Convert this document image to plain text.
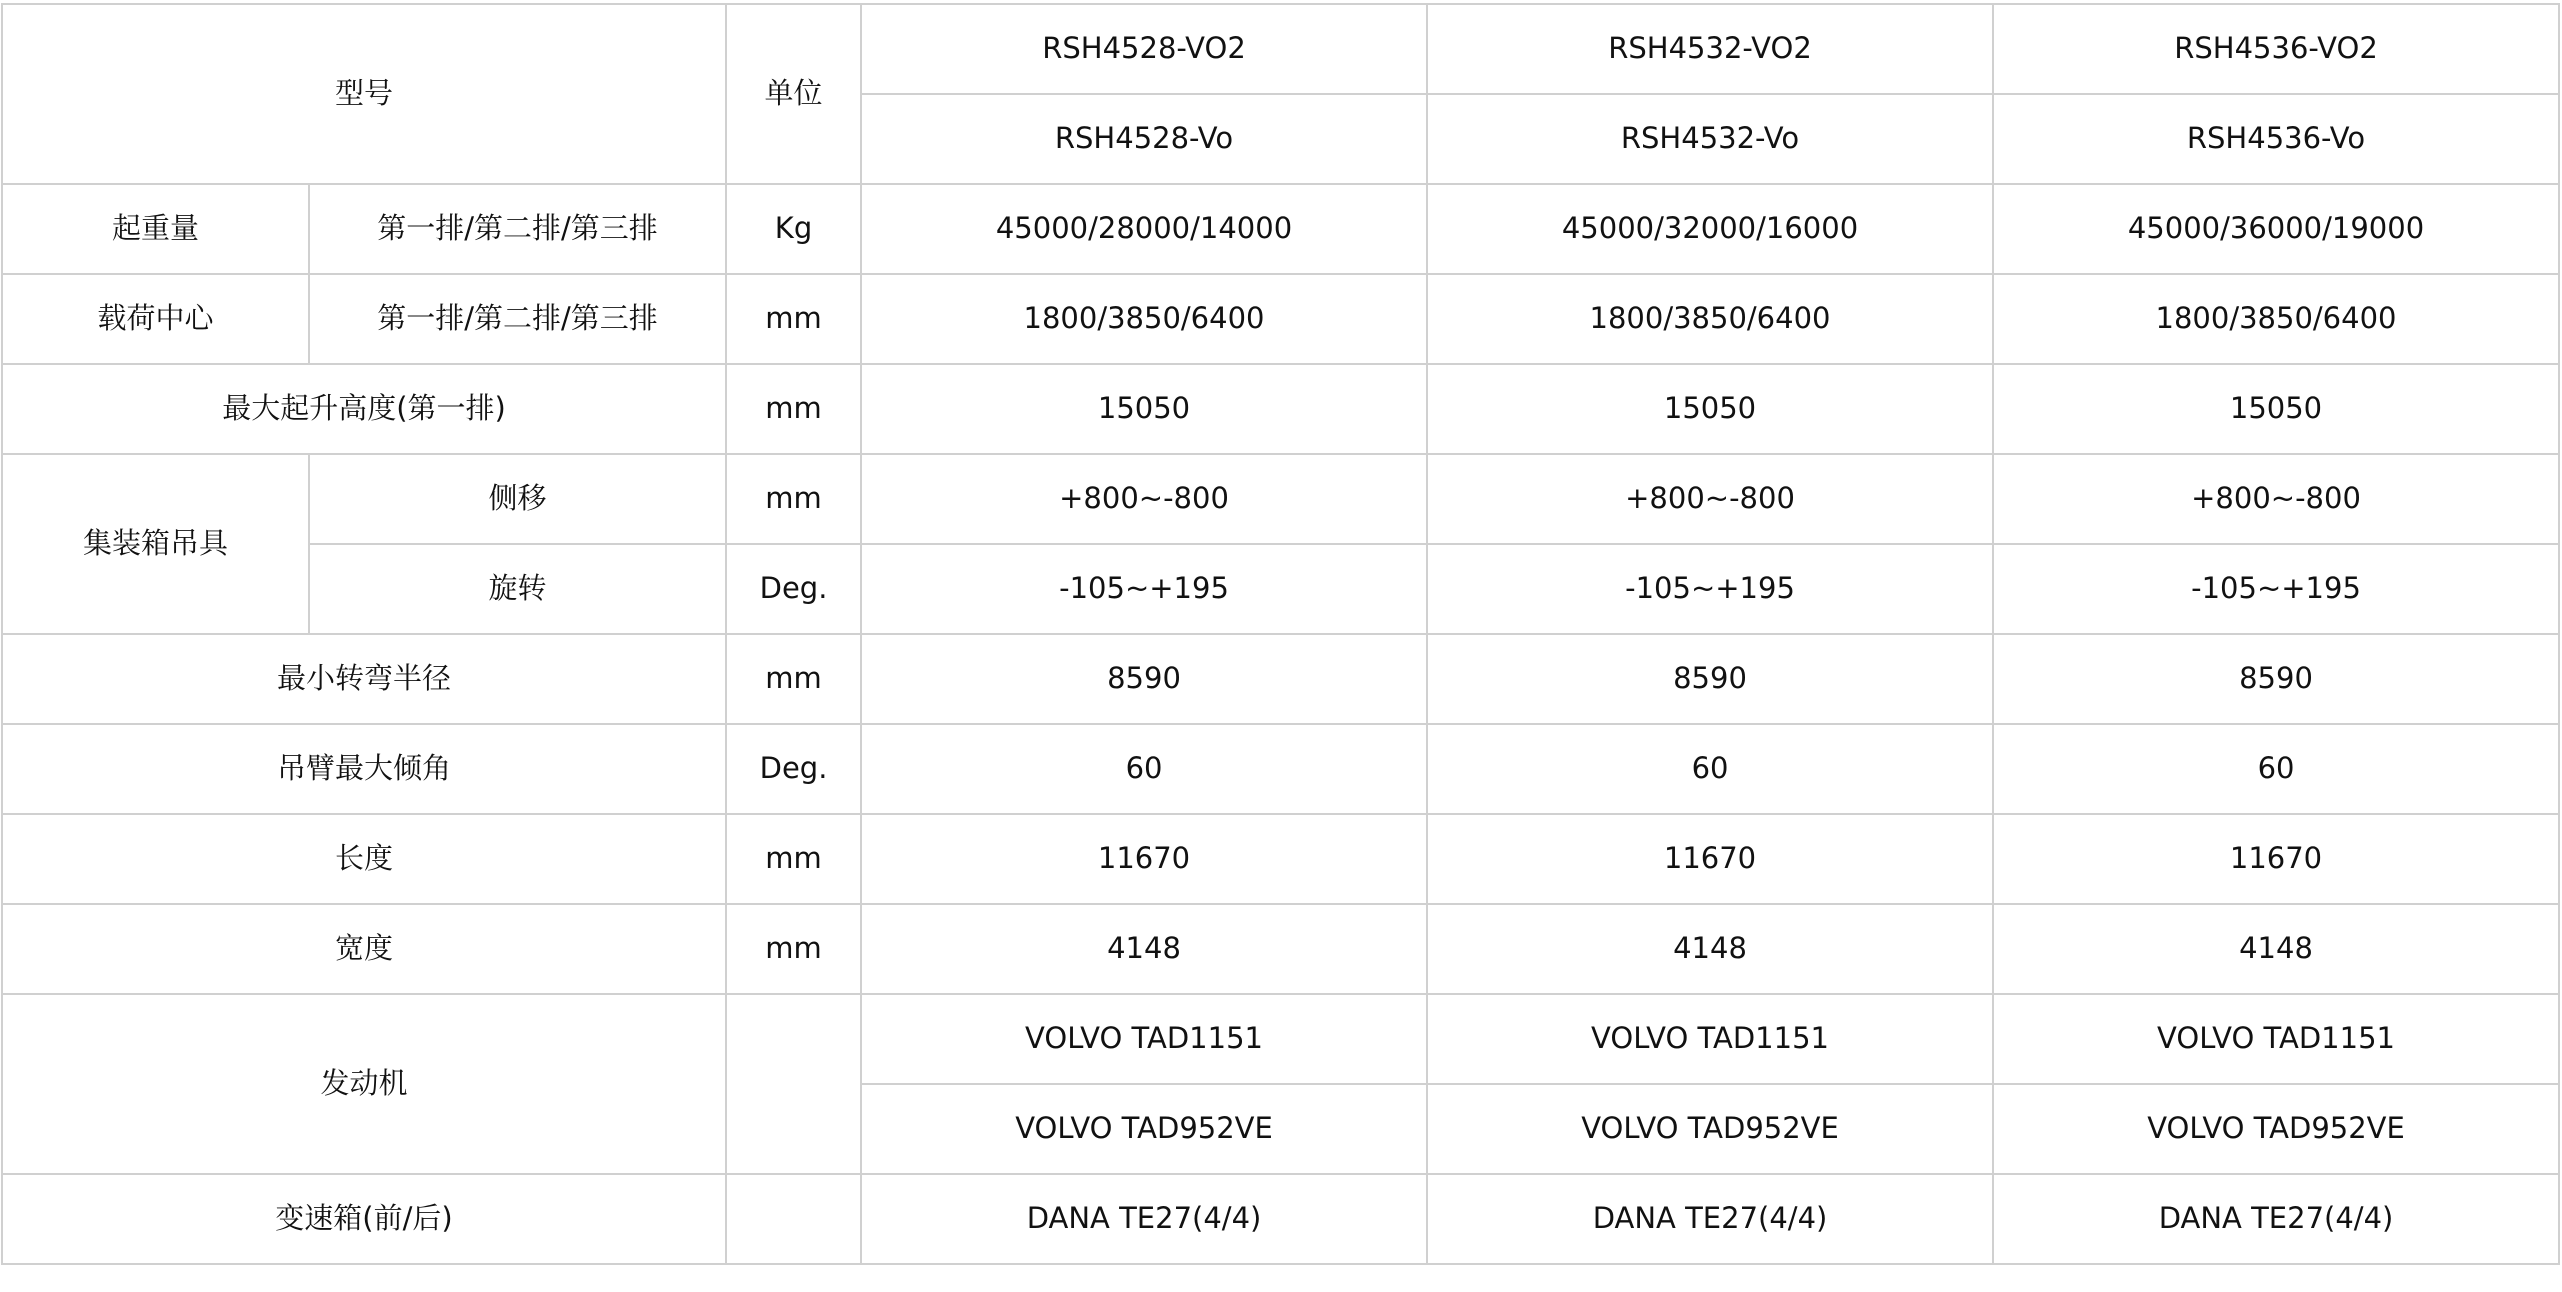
型号		单位	RSH4528-VO2	RSH4532-VO2	RSH4536-VO2
			RSH4528-Vo	RSH4532-Vo	RSH4536-Vo
起重量	第一排/第二排/第三排	Kg	45000/28000/14000	45000/32000/16000	45000/36000/19000
载荷中心	第一排/第二排/第三排	mm	1800/3850/6400	1800/3850/6400	1800/3850/6400
最大起升高度(第一排)		mm	15050	15050	15050
集装箱吊具	侧移	mm	+800~-800	+800~-800	+800~-800
	旋转	Deg.	-105~+195	-105~+195	-105~+195
最小转弯半径		mm	8590	8590	8590
吊臂最大倾角		Deg.	60	60	60
长度		mm	11670	11670	11670
宽度		mm	4148	4148	4148
发动机			VOLVO TAD1151	VOLVO TAD1151	VOLVO TAD1151
			VOLVO TAD952VE	VOLVO TAD952VE	VOLVO TAD952VE
变速箱(前/后)			DANA TE27(4/4)	DANA TE27(4/4)	DANA TE27(4/4)
